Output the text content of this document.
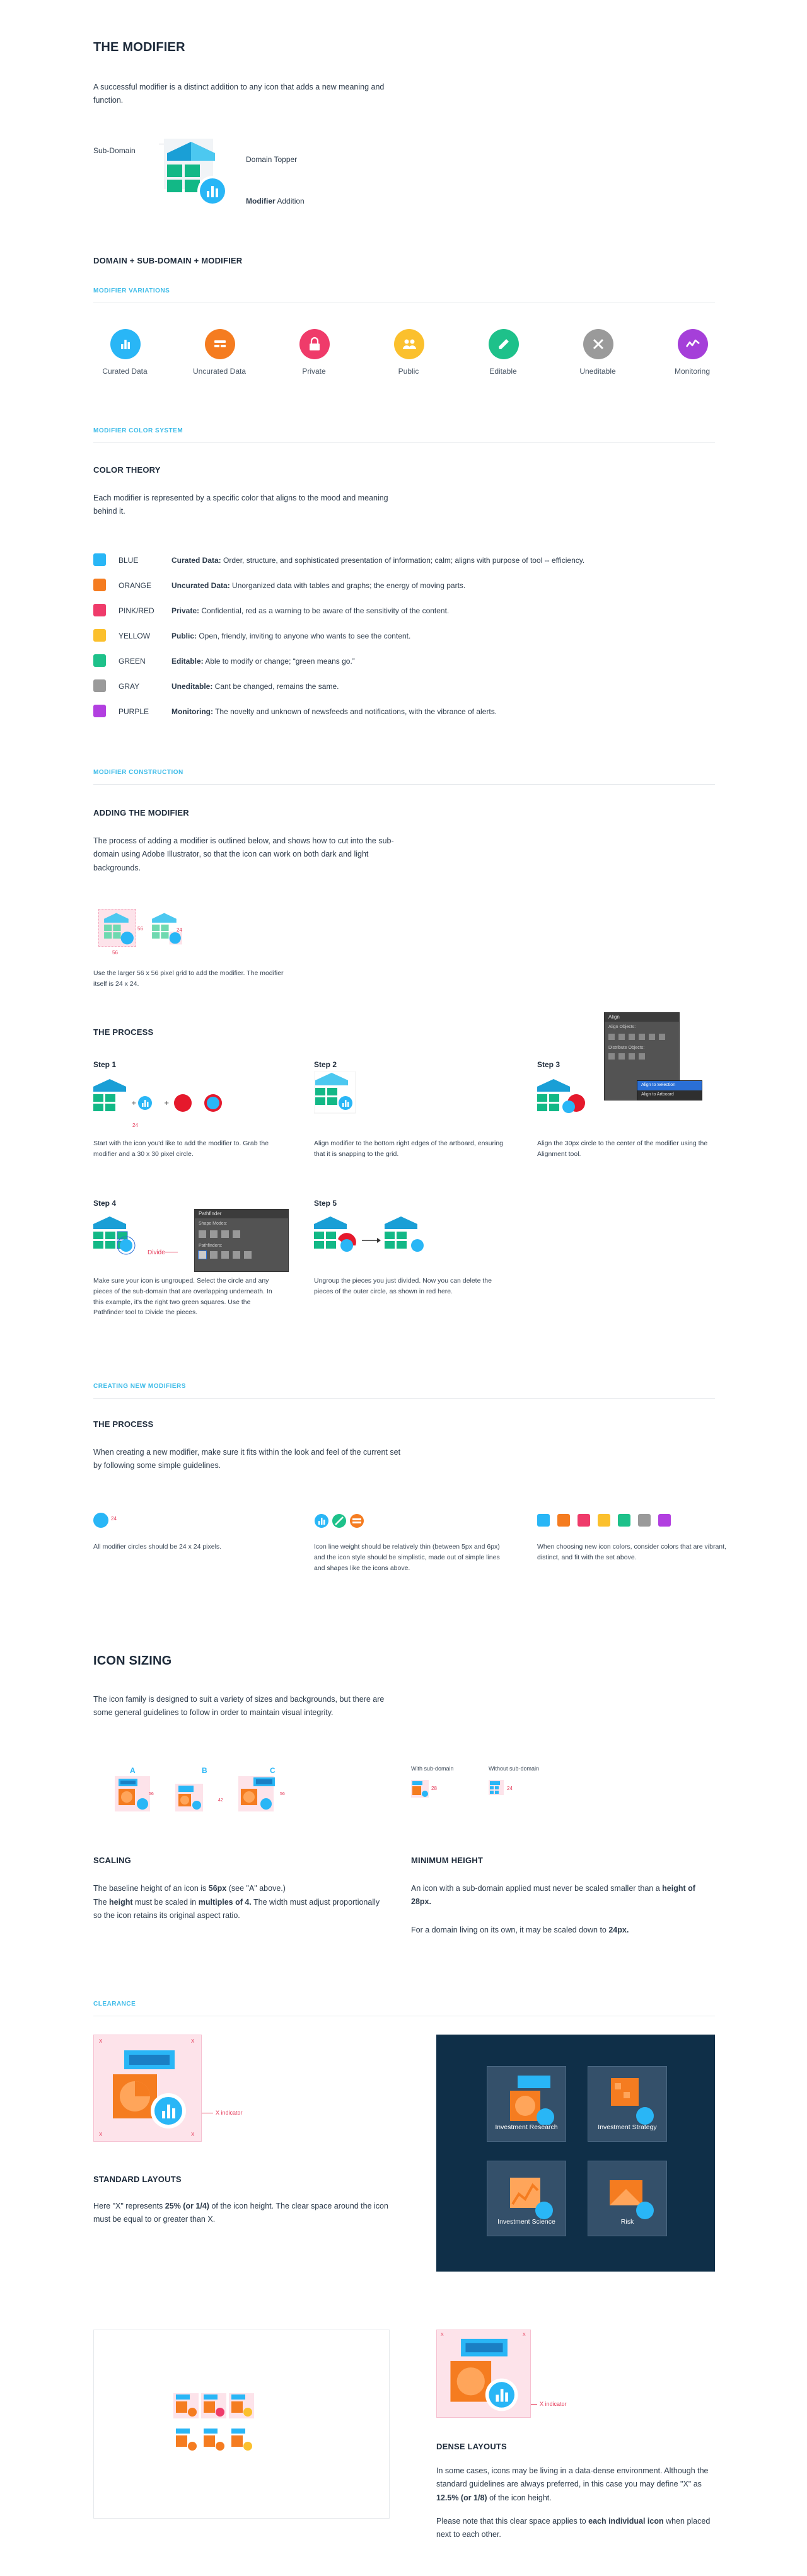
THE MODIFIER
A successful modifier is a distinct addition to any icon that adds a new meaning and function.
Sub-Domain
Domain Topper
Modifier Addition
DOMAIN + SUB-DOMAIN + MODIFIER
MODIFIER VARIATIONS
MODIFIER COLOR SYSTEM
COLOR THEORY
Each modifier is represented by a specific color that aligns to the mood and meaning behind it.
MODIFIER CONSTRUCTION
ADDING THE MODIFIER
The process of adding a modifier is outlined below, and shows how to cut into the sub-domain using Adobe Illustrator, so that the icon can work on both dark and light backgrounds.
56
56
24
Use the larger 56 x 56 pixel grid to add the modifier. The modifier itself is 24 x 24.
Align
Align Objects:
Distribute Objects:
Align to Selection
Align to Artboard
THE PROCESS
Step 1	Step 2	Step 3
+	+
24
Start with the icon you'd like to add the modifier to. Grab the modifier and a 30 x 30 pixel circle.
Align modifier to the bottom right edges of the artboard, ensuring that it is snapping to the grid.
Align the 30px circle to the center of the modifier using the Alignment tool.
Step 4	Step 5
Divide
Pathfinder
Shape Modes:
Pathfinders:
Make sure your icon is ungrouped. Select the circle and any pieces of the sub-domain that are overlapping underneath. In this example, it's the right two green squares. Use the Pathfinder tool to Divide the pieces.
Ungroup the pieces you just divided. Now you can delete the pieces of the outer circle, as shown in red here.
CREATING NEW MODIFIERS
THE PROCESS
When creating a new modifier, make sure it fits within the look and feel of the current set by following some simple guidelines.
24
All modifier circles should be 24 x 24 pixels.	Icon line weight should be relatively thin (between 5px and 6px) and the icon style should be simplistic, made out of simple lines and shapes like the icons above.
When choosing new icon colors, consider colors that are vibrant, distinct, and fit with the set above.
ICON SIZING
The icon family is designed to suit a variety of sizes and backgrounds, but there are some general guidelines to follow in order to maintain visual integrity.
A	B	C
56
42
56
With sub-domain	Without sub-domain
28	24
SCALING
The baseline height of an icon is 56px (see "A" above.)
The height must be scaled in multiples of 4. The width must adjust proportionally so the icon retains its original aspect ratio.
MINIMUM HEIGHT
An icon with a sub-domain applied must never be scaled smaller than a height of 28px.
For a domain living on its own, it may be scaled down to 24px.
CLEARANCE
X	X
X	X
X indicator
STANDARD LAYOUTS
Here "X" represents 25% (or 1/4) of the icon height. The clear space around the icon must be equal to or greater than X.
Investment Research	Investment Strategy
Investment Science	Risk
X	X
X indicator
DENSE LAYOUTS
In some cases, icons may be living in a data-dense environment. Although the standard guidelines are always preferred, in this case you may define "X" as 12.5% (or 1/8) of the icon height.
Please note that this clear space applies to each individual icon when placed next to each other.
Curated Data	Uncurated Data	Private	Public	Editable	Uneditable	Monitoring
BLUE	Curated Data: Order, structure, and sophisticated presentation of information; calm; aligns with purpose of tool -- efficiency.
ORANGE	Uncurated Data: Unorganized data with tables and graphs; the energy of moving parts.
PINK/RED Private: Confidential, red as a warning to be aware of the sensitivity of the content.
YELLOW	Public: Open, friendly, inviting to anyone who wants to see the content.
GREEN	Editable: Able to modify or change; “green means go.”
GRAY	Uneditable: Cant be changed, remains the same.
PURPLE	Monitoring: The novelty and unknown of newsfeeds and notifications, with the vibrance of alerts.
